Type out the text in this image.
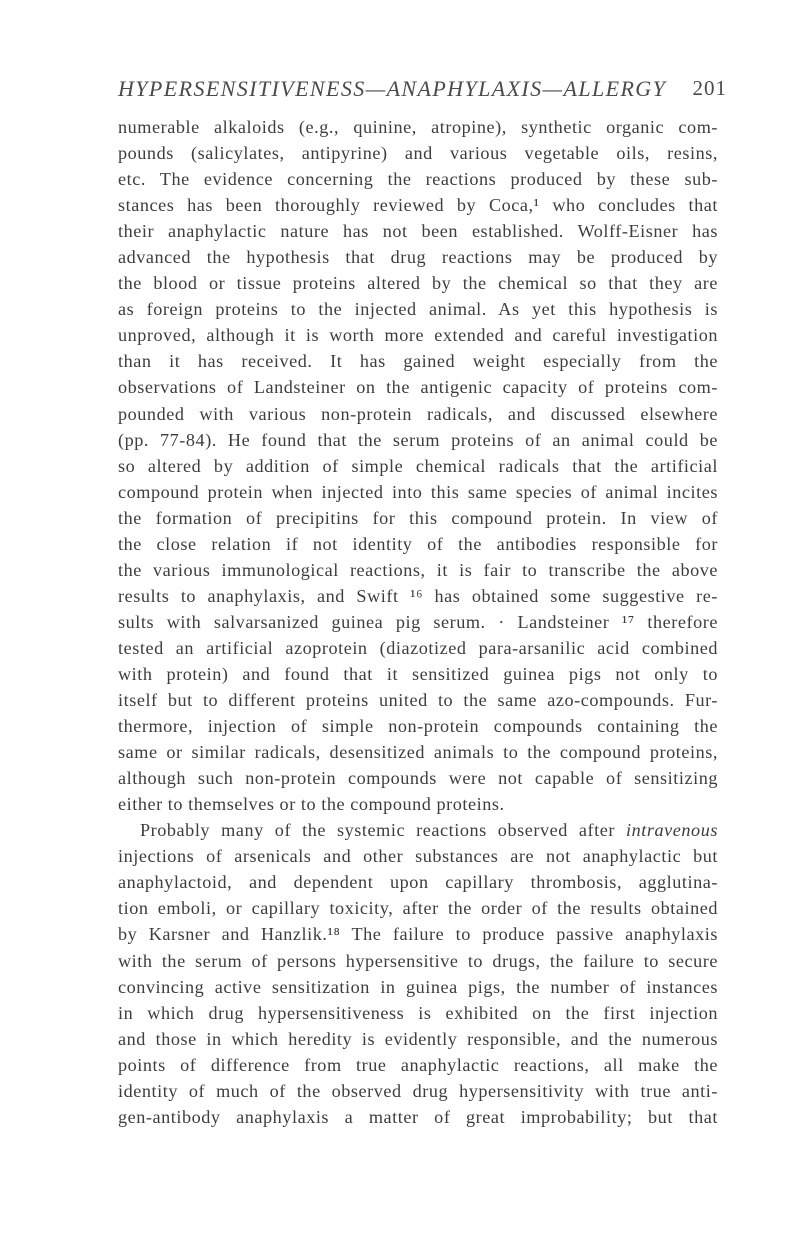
HYPERSENSITIVENESS—ANAPHYLAXIS—ALLERGY 201
numerable alkaloids (e.g., quinine, atropine), synthetic organic com-
pounds (salicylates, antipyrine) and various vegetable oils, resins,
etc. The evidence concerning the reactions produced by these sub-
stances has been thoroughly reviewed by Coca,¹ who concludes that
their anaphylactic nature has not been established. Wolff-Eisner has
advanced the hypothesis that drug reactions may be produced by
the blood or tissue proteins altered by the chemical so that they are
as foreign proteins to the injected animal. As yet this hypothesis is
unproved, although it is worth more extended and careful investigation
than it has received. It has gained weight especially from the
observations of Landsteiner on the antigenic capacity of proteins com-
pounded with various non-protein radicals, and discussed elsewhere
(pp. 77-84). He found that the serum proteins of an animal could be
so altered by addition of simple chemical radicals that the artificial
compound protein when injected into this same species of animal incites
the formation of precipitins for this compound protein. In view of
the close relation if not identity of the antibodies responsible for
the various immunological reactions, it is fair to transcribe the above
results to anaphylaxis, and Swift ¹⁶ has obtained some suggestive re-
sults with salvarsanized guinea pig serum. · Landsteiner ¹⁷ therefore
tested an artificial azoprotein (diazotized para-arsanilic acid combined
with protein) and found that it sensitized guinea pigs not only to
itself but to different proteins united to the same azo-compounds. Fur-
thermore, injection of simple non-protein compounds containing the
same or similar radicals, desensitized animals to the compound proteins,
although such non-protein compounds were not capable of sensitizing
either to themselves or to the compound proteins.
Probably many of the systemic reactions observed after intravenous
injections of arsenicals and other substances are not anaphylactic but
anaphylactoid, and dependent upon capillary thrombosis, agglutina-
tion emboli, or capillary toxicity, after the order of the results obtained
by Karsner and Hanzlik.¹⁸ The failure to produce passive anaphylaxis
with the serum of persons hypersensitive to drugs, the failure to secure
convincing active sensitization in guinea pigs, the number of instances
in which drug hypersensitiveness is exhibited on the first injection
and those in which heredity is evidently responsible, and the numerous
points of difference from true anaphylactic reactions, all make the
identity of much of the observed drug hypersensitivity with true anti-
gen-antibody anaphylaxis a matter of great improbability; but that
